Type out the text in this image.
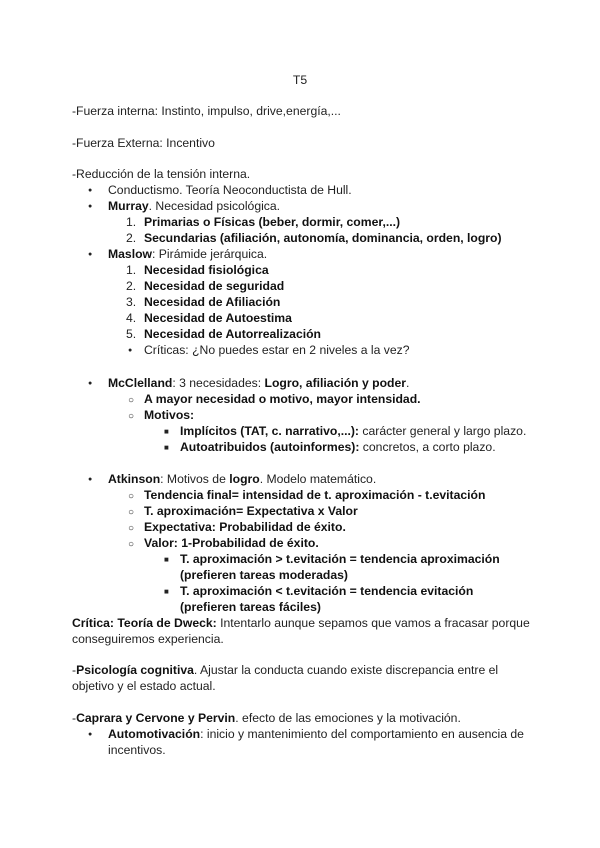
T5
-Fuerza interna: Instinto, impulso, drive,energía,...
-Fuerza Externa: Incentivo
-Reducción de la tensión interna.
●
Conductismo. Teoría Neoconductista de Hull.
●
Murray. Necesidad psicológica.
1. Primarias o Físicas (beber, dormir, comer,...)
2. Secundarias (afiliación, autonomía, dominancia, orden, logro)
●
Maslow: Pirámide jerárquica.
1. Necesidad fisiológica
2. Necesidad de seguridad
3. Necesidad de Afiliación
4. Necesidad de Autoestima
5. Necesidad de Autorrealización
●
Críticas: ¿No puedes estar en 2 niveles a la vez?
●
McClelland: 3 necesidades: Logro, afiliación y poder.
○
A mayor necesidad o motivo, mayor intensidad.
○
Motivos:
■
Implícitos (TAT, c. narrativo,...): carácter general y largo plazo.
■
Autoatribuidos (autoinformes): concretos, a corto plazo.
●
Atkinson: Motivos de logro. Modelo matemático.
○
Tendencia final= intensidad de t. aproximación - t.evitación
○
T. aproximación= Expectativa x Valor
○
Expectativa: Probabilidad de éxito.
○
Valor: 1-Probabilidad de éxito.
■
T. aproximación > t.evitación = tendencia aproximación
(prefieren tareas moderadas)
■
T. aproximación < t.evitación = tendencia evitación
(prefieren tareas fáciles)
Crítica: Teoría de Dweck: Intentarlo aunque sepamos que vamos a fracasar porque conseguiremos experiencia.
-Psicología cognitiva. Ajustar la conducta cuando existe discrepancia entre el objetivo y el estado actual.
-Caprara y Cervone y Pervin. efecto de las emociones y la motivación.
●
Automotivación: inicio y mantenimiento del comportamiento en ausencia de incentivos.
